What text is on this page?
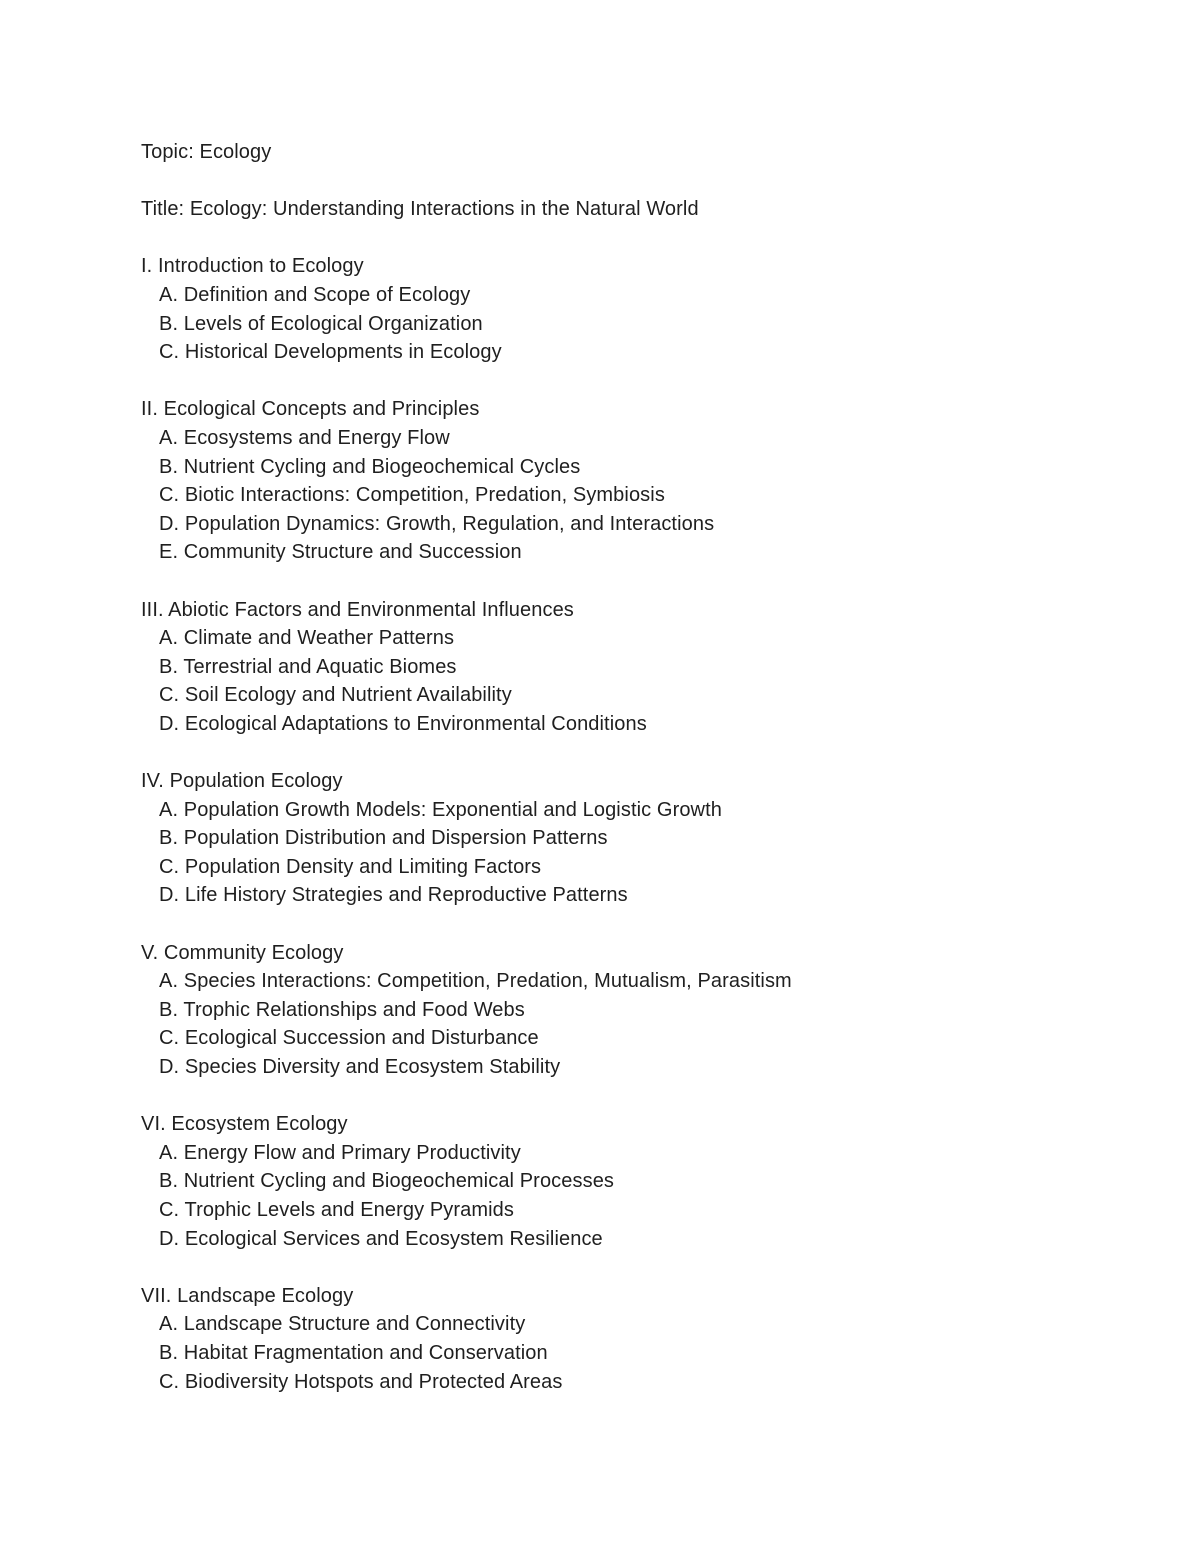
Topic: Ecology
Title: Ecology: Understanding Interactions in the Natural World
I. Introduction to Ecology
A. Definition and Scope of Ecology
B. Levels of Ecological Organization
C. Historical Developments in Ecology
II. Ecological Concepts and Principles
A. Ecosystems and Energy Flow
B. Nutrient Cycling and Biogeochemical Cycles
C. Biotic Interactions: Competition, Predation, Symbiosis
D. Population Dynamics: Growth, Regulation, and Interactions
E. Community Structure and Succession
III. Abiotic Factors and Environmental Influences
A. Climate and Weather Patterns
B. Terrestrial and Aquatic Biomes
C. Soil Ecology and Nutrient Availability
D. Ecological Adaptations to Environmental Conditions
IV. Population Ecology
A. Population Growth Models: Exponential and Logistic Growth
B. Population Distribution and Dispersion Patterns
C. Population Density and Limiting Factors
D. Life History Strategies and Reproductive Patterns
V. Community Ecology
A. Species Interactions: Competition, Predation, Mutualism, Parasitism
B. Trophic Relationships and Food Webs
C. Ecological Succession and Disturbance
D. Species Diversity and Ecosystem Stability
VI. Ecosystem Ecology
A. Energy Flow and Primary Productivity
B. Nutrient Cycling and Biogeochemical Processes
C. Trophic Levels and Energy Pyramids
D. Ecological Services and Ecosystem Resilience
VII. Landscape Ecology
A. Landscape Structure and Connectivity
B. Habitat Fragmentation and Conservation
C. Biodiversity Hotspots and Protected Areas
